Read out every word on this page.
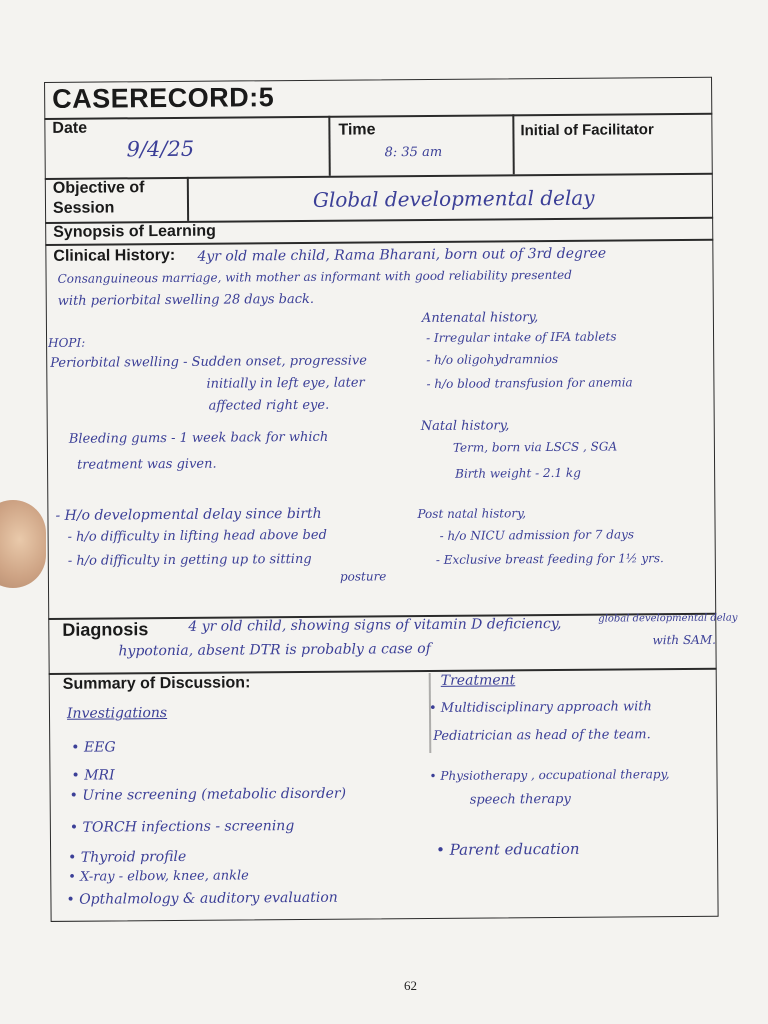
CASERECORD:5
Date
9/4/25
Time
8: 35 am
Initial of Facilitator
Objective of
Session	Global developmental delay
Synopsis of Learning
Clinical History: 4yr old male child, Rama Bharani, born out of 3rd degree
Consanguineous marriage, with mother as informant with good reliability presented
with periorbital swelling 28 days back.
HOPI:
Periorbital swelling - Sudden onset, progressive
initially in left eye, later
affected right eye.
Bleeding gums - 1 week back for which
treatment was given.
- H/o developmental delay since birth
- h/o difficulty in lifting head above bed
- h/o difficulty in getting up to sitting
posture
Antenatal history,
- Irregular intake of IFA tablets
- h/o oligohydramnios
- h/o blood transfusion for anemia
Natal history,
Term, born via LSCS , SGA
Birth weight - 2.1 kg
Post natal history,
- h/o NICU admission for 7 days
- Exclusive breast feeding for 1½ yrs.
Diagnosis	4 yr old child, showing signs of vitamin D deficiency,	global developmental delay
hypotonia, absent DTR is probably a case of
with SAM.
Summary of Discussion:
Investigations
• EEG
• MRI
• Urine screening (metabolic disorder)
• TORCH infections - screening
• Thyroid profile
• X-ray - elbow, knee, ankle
• Opthalmology & auditory evaluation
Treatment
• Multidisciplinary approach with
Pediatrician as head of the team.
• Physiotherapy , occupational therapy,
speech therapy
• Parent education
62
